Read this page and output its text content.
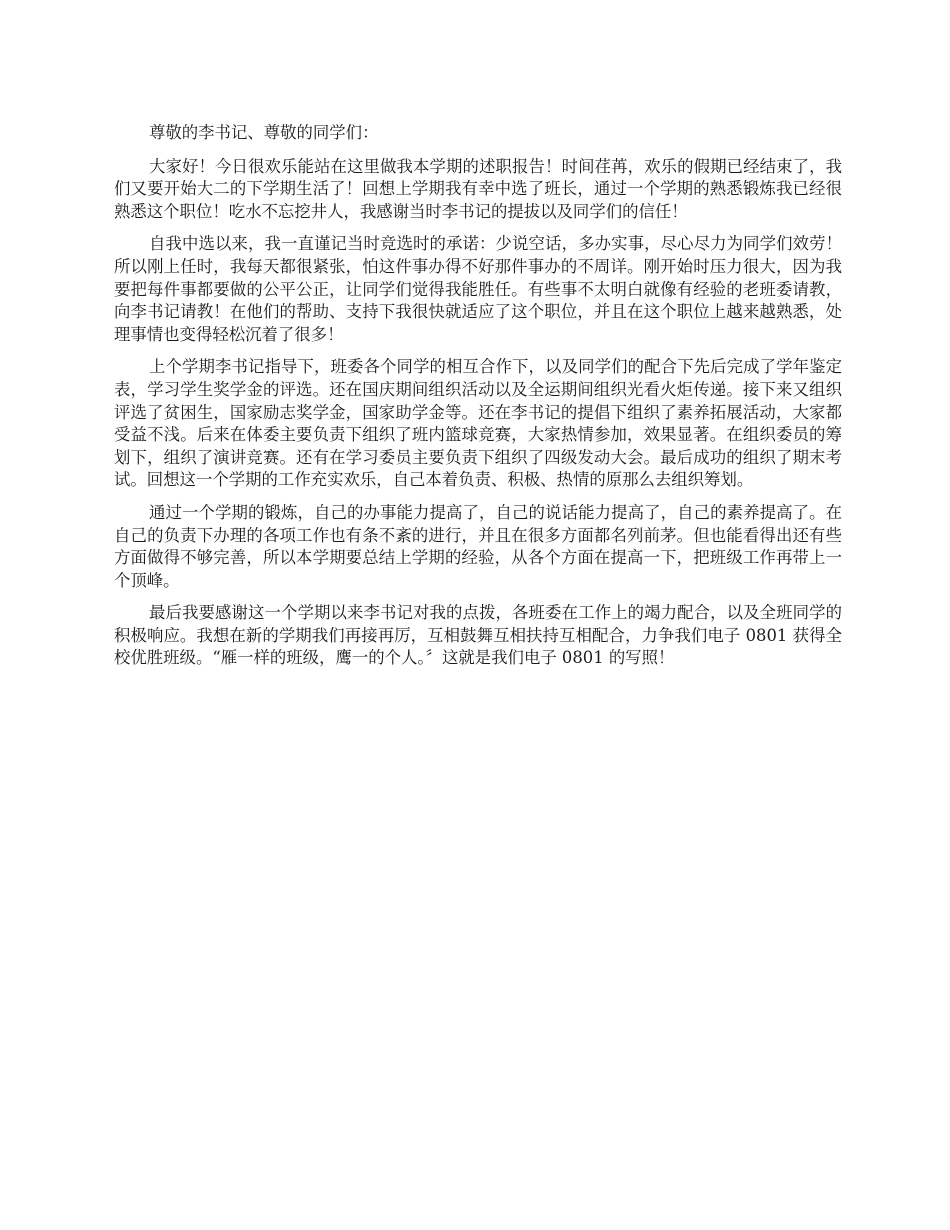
尊敬的李书记、尊敬的同学们：

大家好！今日很欢乐能站在这里做我本学期的述职报告！时间荏苒，欢乐的假期已经结束了，我们又要开始大二的下学期生活了！回想上学期我有幸中选了班长，通过一个学期的熟悉锻炼我已经很熟悉这个职位！吃水不忘挖井人，我感谢当时李书记的提拔以及同学们的信任！

自我中选以来，我一直谨记当时竞选时的承诺：少说空话，多办实事，尽心尽力为同学们效劳！所以刚上任时，我每天都很紧张，怕这件事办得不好那件事办的不周详。刚开始时压力很大，因为我要把每件事都要做的公平公正，让同学们觉得我能胜任。有些事不太明白就像有经验的老班委请教，向李书记请教！在他们的帮助、支持下我很快就适应了这个职位，并且在这个职位上越来越熟悉，处理事情也变得轻松沉着了很多！

上个学期李书记指导下，班委各个同学的相互合作下，以及同学们的配合下先后完成了学年鉴定表，学习学生奖学金的评选。还在国庆期间组织活动以及全运期间组织光看火炬传递。接下来又组织评选了贫困生，国家励志奖学金，国家助学金等。还在李书记的提倡下组织了素养拓展活动，大家都受益不浅。后来在体委主要负责下组织了班内篮球竞赛，大家热情参加，效果显著。在组织委员的筹划下，组织了演讲竞赛。还有在学习委员主要负责下组织了四级发动大会。最后成功的组织了期末考试。回想这一个学期的工作充实欢乐，自己本着负责、积极、热情的原那么去组织筹划。

通过一个学期的锻炼，自己的办事能力提高了，自己的说话能力提高了，自己的素养提高了。在自己的负责下办理的各项工作也有条不紊的进行，并且在很多方面都名列前茅。但也能看得出还有些方面做得不够完善，所以本学期要总结上学期的经验，从各个方面在提高一下，把班级工作再带上一个顶峰。

最后我要感谢这一个学期以来李书记对我的点拨，各班委在工作上的竭力配合，以及全班同学的积极响应。我想在新的学期我们再接再厉，互相鼓舞互相扶持互相配合，力争我们电子 0801 获得全校优胜班级。“雁一样的班级，鹰一的个人。〞这就是我们电子 0801 的写照！
